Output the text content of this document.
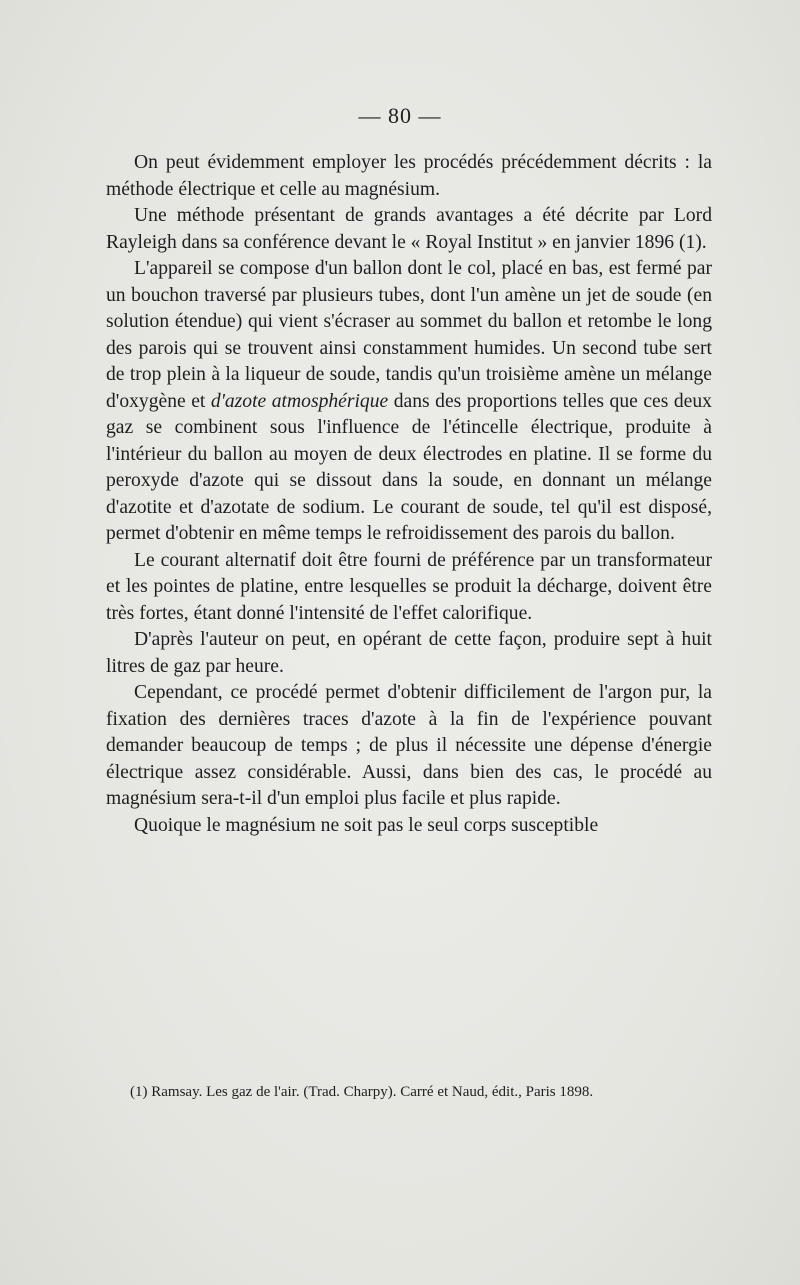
— 80 —

On peut évidemment employer les procédés précédemment décrits : la méthode électrique et celle au magnésium.

Une méthode présentant de grands avantages a été décrite par Lord Rayleigh dans sa conférence devant le « Royal Institut » en janvier 1896 (1).

L'appareil se compose d'un ballon dont le col, placé en bas, est fermé par un bouchon traversé par plusieurs tubes, dont l'un amène un jet de soude (en solution étendue) qui vient s'écraser au sommet du ballon et retombe le long des parois qui se trouvent ainsi constamment humides. Un second tube sert de trop plein à la liqueur de soude, tandis qu'un troisième amène un mélange d'oxygène et d'azote atmosphérique dans des proportions telles que ces deux gaz se combinent sous l'influence de l'étincelle électrique, produite à l'intérieur du ballon au moyen de deux électrodes en platine. Il se forme du peroxyde d'azote qui se dissout dans la soude, en donnant un mélange d'azotite et d'azotate de sodium. Le courant de soude, tel qu'il est disposé, permet d'obtenir en même temps le refroidissement des parois du ballon.

Le courant alternatif doit être fourni de préférence par un transformateur et les pointes de platine, entre lesquelles se produit la décharge, doivent être très fortes, étant donné l'intensité de l'effet calorifique.

D'après l'auteur on peut, en opérant de cette façon, produire sept à huit litres de gaz par heure.

Cependant, ce procédé permet d'obtenir difficilement de l'argon pur, la fixation des dernières traces d'azote à la fin de l'expérience pouvant demander beaucoup de temps ; de plus il nécessite une dépense d'énergie électrique assez considérable. Aussi, dans bien des cas, le procédé au magnésium sera-t-il d'un emploi plus facile et plus rapide.

Quoique le magnésium ne soit pas le seul corps susceptible

(1) Ramsay. Les gaz de l'air. (Trad. Charpy). Carré et Naud, édit., Paris 1898.
